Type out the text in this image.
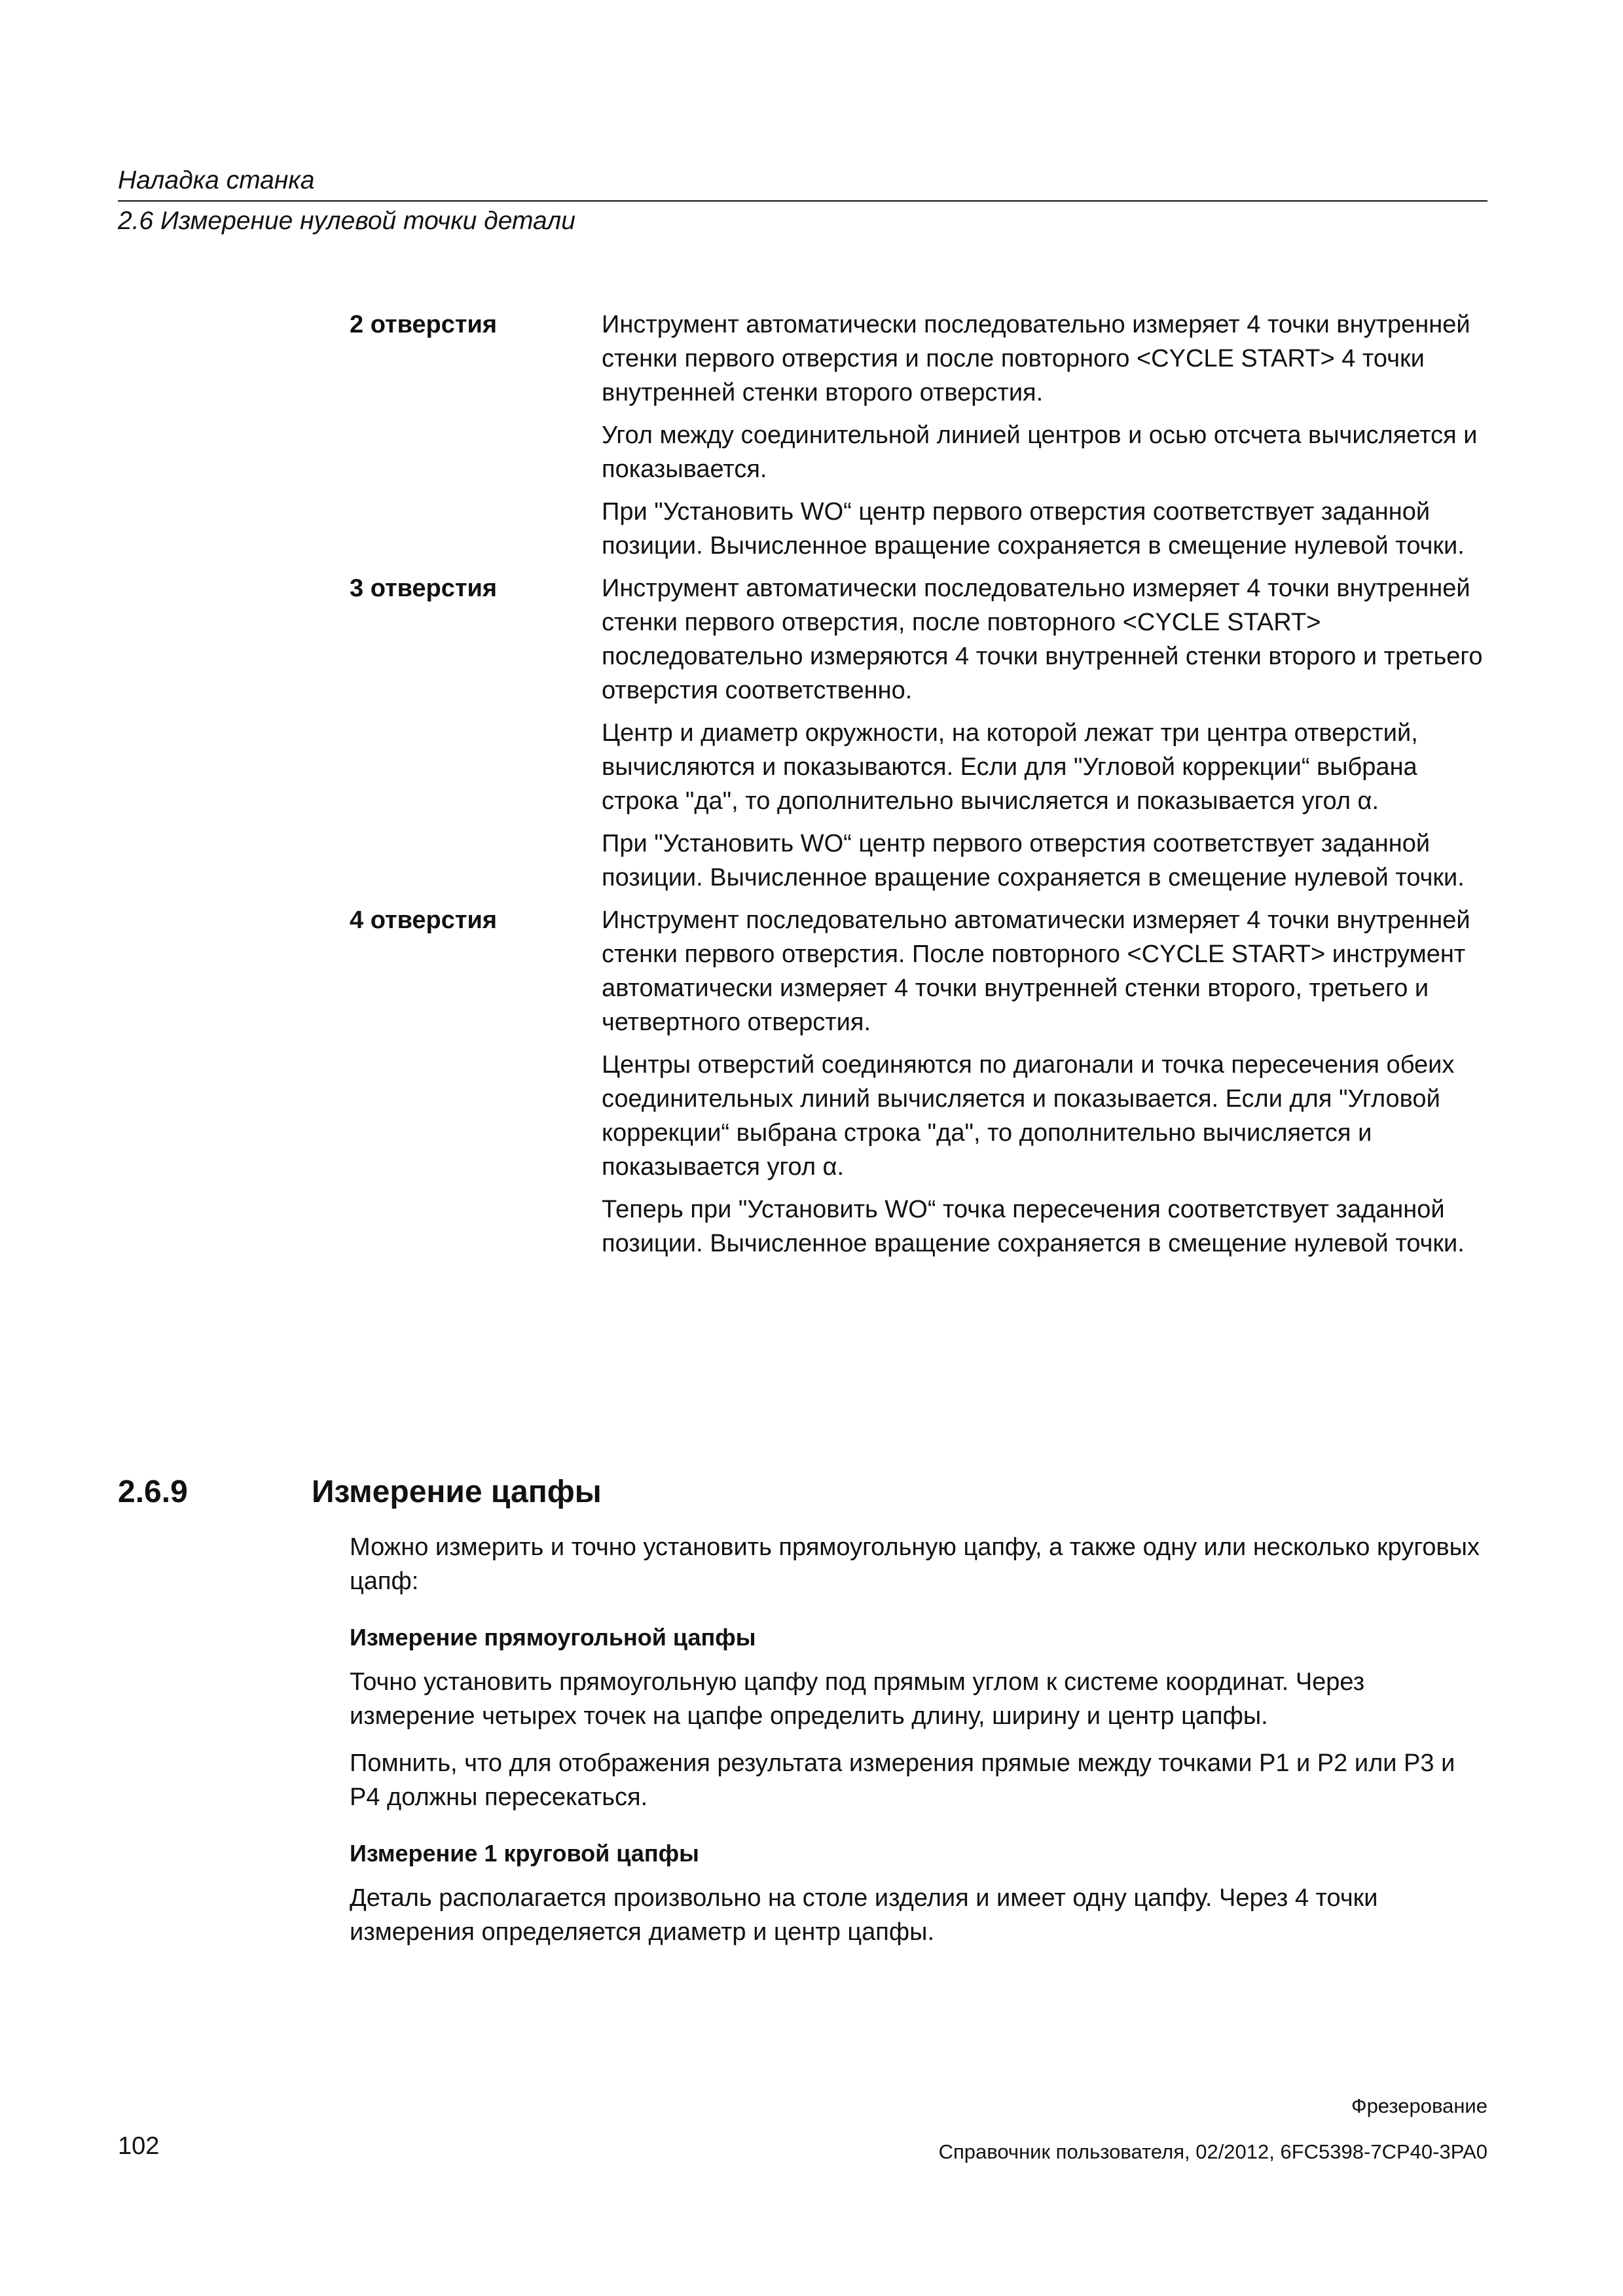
Наладка станка
2.6 Измерение нулевой точки детали
2 отверстия	Инструмент автоматически последовательно измеряет 4 точки внутренней стенки первого отверстия и после повторного <CYCLE START> 4 точки внутренней стенки второго отверстия.

Угол между соединительной линией центров и осью отсчета вычисляется и показывается.

При "Установить WO“ центр первого отверстия соответствует заданной позиции. Вычисленное вращение сохраняется в смещение нулевой точки.

3 отверстия	Инструмент автоматически последовательно измеряет 4 точки внутренней стенки первого отверстия, после повторного <CYCLE START> последовательно измеряются 4 точки внутренней стенки второго и третьего отверстия соответственно.

Центр и диаметр окружности, на которой лежат три центра отверстий, вычисляются и показываются. Если для "Угловой коррекции“ выбрана строка "да", то дополнительно вычисляется и показывается угол α.

При "Установить WO“ центр первого отверстия соответствует заданной позиции. Вычисленное вращение сохраняется в смещение нулевой точки.

4 отверстия	Инструмент последовательно автоматически измеряет 4 точки внутренней стенки первого отверстия. После повторного <CYCLE START> инструмент автоматически измеряет 4 точки внутренней стенки второго, третьего и четвертного отверстия.

Центры отверстий соединяются по диагонали и точка пересечения обеих соединительных линий вычисляется и показывается. Если для "Угловой коррекции“ выбрана строка "да", то дополнительно вычисляется и показывается угол α.

Теперь при "Установить WO“ точка пересечения соответствует заданной позиции. Вычисленное вращение сохраняется в смещение нулевой точки.

2.6.9	Измерение цапфы

Можно измерить и точно установить прямоугольную цапфу, а также одну или несколько круговых цапф:

Измерение прямоугольной цапфы

Точно установить прямоугольную цапфу под прямым углом к системе координат. Через измерение четырех точек на цапфе определить длину, ширину и центр цапфы.

Помнить, что для отображения результата измерения прямые между точками P1 и P2 или P3 и P4 должны пересекаться.

Измерение 1 круговой цапфы

Деталь располагается произвольно на столе изделия и имеет одну цапфу. Через 4 точки измерения определяется диаметр и центр цапфы.

Фрезерование
102	Справочник пользователя, 02/2012, 6FC5398-7CP40-3PA0
